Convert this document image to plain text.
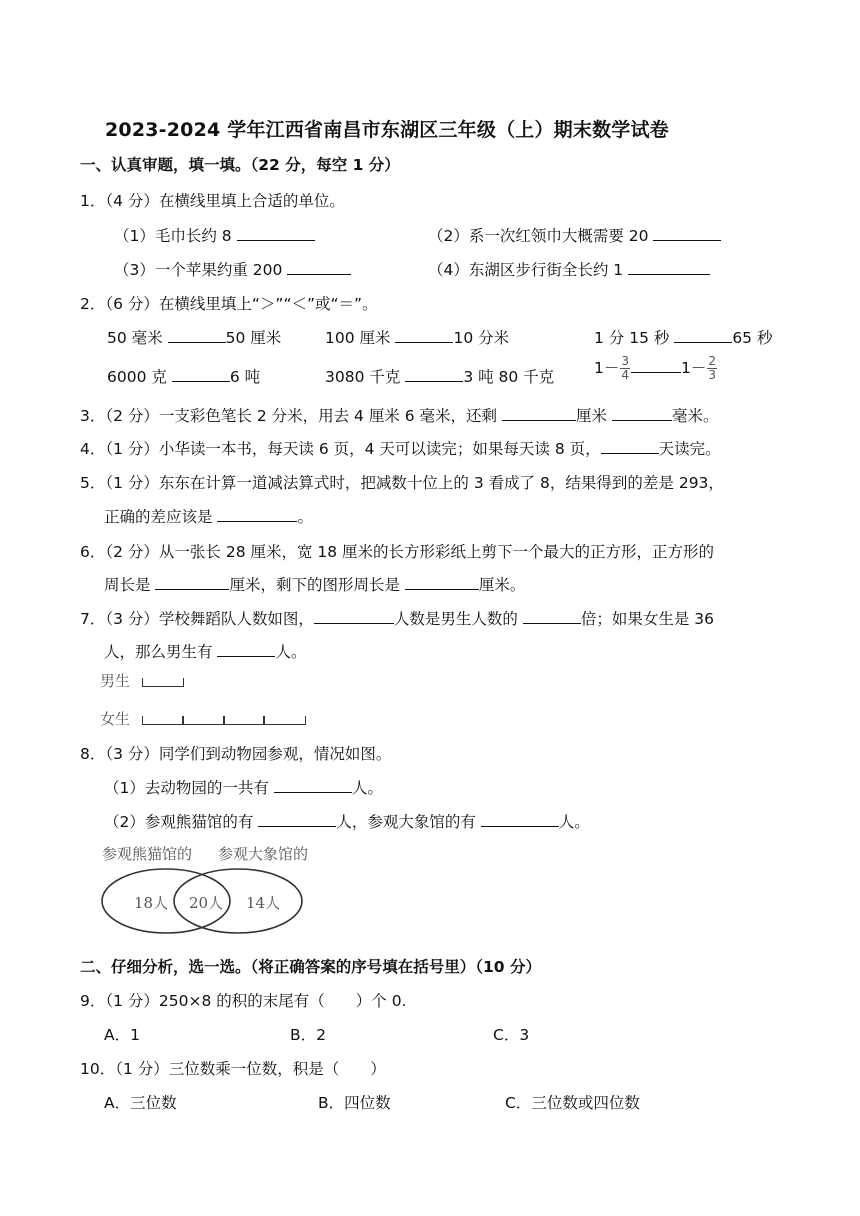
2023-2024 学年江西省南昌市东湖区三年级（上）期末数学试卷
一、认真审题，填一填。（22 分，每空 1 分）
1．（4 分）在横线里填上合适的单位。
（1）毛巾长约 8	（2）系一次红领巾大概需要 20
（3）一个苹果约重 200	（4）东湖区步行街全长约 1
2．（6 分）在横线里填上“＞”“＜”或“＝”。
50 毫米	50 厘米	100 厘米	10 分米	1 分 15 秒	65 秒
6000 克	6 吨	3080 千克	3 吨 80 千克	$1- \frac{3}{4}$	$1- \frac{2}{3}$
3．（2 分）一支彩色笔长 2 分米，用去 4 厘米 6 毫米，还剩	厘米	毫米。
4．（1 分）小华读一本书，每天读 6 页，4 天可以读完；如果每天读 8 页，	天读完。
5．（1 分）东东在计算一道减法算式时，把减数十位上的 3 看成了 8，结果得到的差是 293，
正确的差应该是	。
6．（2 分）从一张长 28 厘米，宽 18 厘米的长方形彩纸上剪下一个最大的正方形，正方形的
周长是	厘米，剩下的图形周长是	厘米。
7．（3 分）学校舞蹈队人数如图，	人数是男生人数的	倍；如果女生是 36
人，那么男生有	人。
男生
女生
8．（3 分）同学们到动物园参观，情况如图。
（1）去动物园的一共有	人。
（2）参观熊猫馆的有	人，参观大象馆的有	人。
参观熊猫馆的 参观大象馆的
18人 20人 14人
二、仔细分析，选一选。（将正确答案的序号填在括号里）（10 分）
9．（1 分）250×8 的积的末尾有（　　）个 0.
A．1	B．2	C．3
10．（1 分）三位数乘一位数，积是（　　）
A．三位数	B．四位数	C．三位数或四位数
